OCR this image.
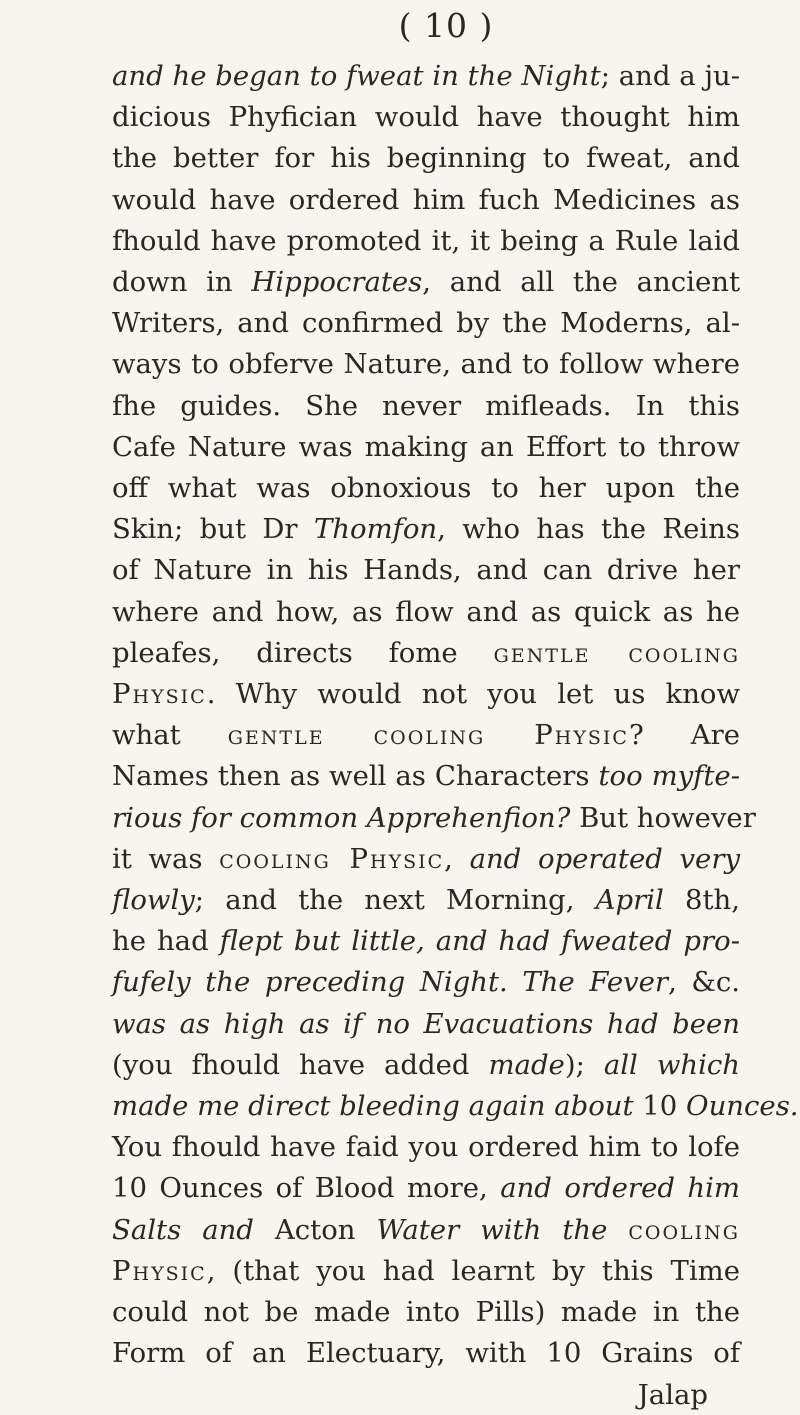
( 10 )
and he began to fweat in the Night; and a ju-
dicious Phyfician would have thought him
the better for his beginning to fweat, and
would have ordered him fuch Medicines as
fhould have promoted it, it being a Rule laid
down in Hippocrates, and all the ancient
Writers, and confirmed by the Moderns, al-
ways to obferve Nature, and to follow where
fhe guides. She never mifleads. In this
Cafe Nature was making an Effort to throw
off what was obnoxious to her upon the
Skin; but Dr Thomfon, who has the Reins
of Nature in his Hands, and can drive her
where and how, as flow and as quick as he
pleafes, directs fome gentle cooling
Physic. Why would not you let us know
what gentle cooling Physic? Are
Names then as well as Characters too myfte-
rious for common Apprehenfion? But however
it was cooling Physic, and operated very
flowly; and the next Morning, April 8th,
he had flept but little, and had fweated pro-
fufely the preceding Night. The Fever, &c.
was as high as if no Evacuations had been
(you fhould have added made); all which
made me direct bleeding again about 10 Ounces.
You fhould have faid you ordered him to lofe
10 Ounces of Blood more, and ordered him
Salts and Acton Water with the cooling
Physic, (that you had learnt by this Time
could not be made into Pills) made in the
Form of an Electuary, with 10 Grains of
Jalap
